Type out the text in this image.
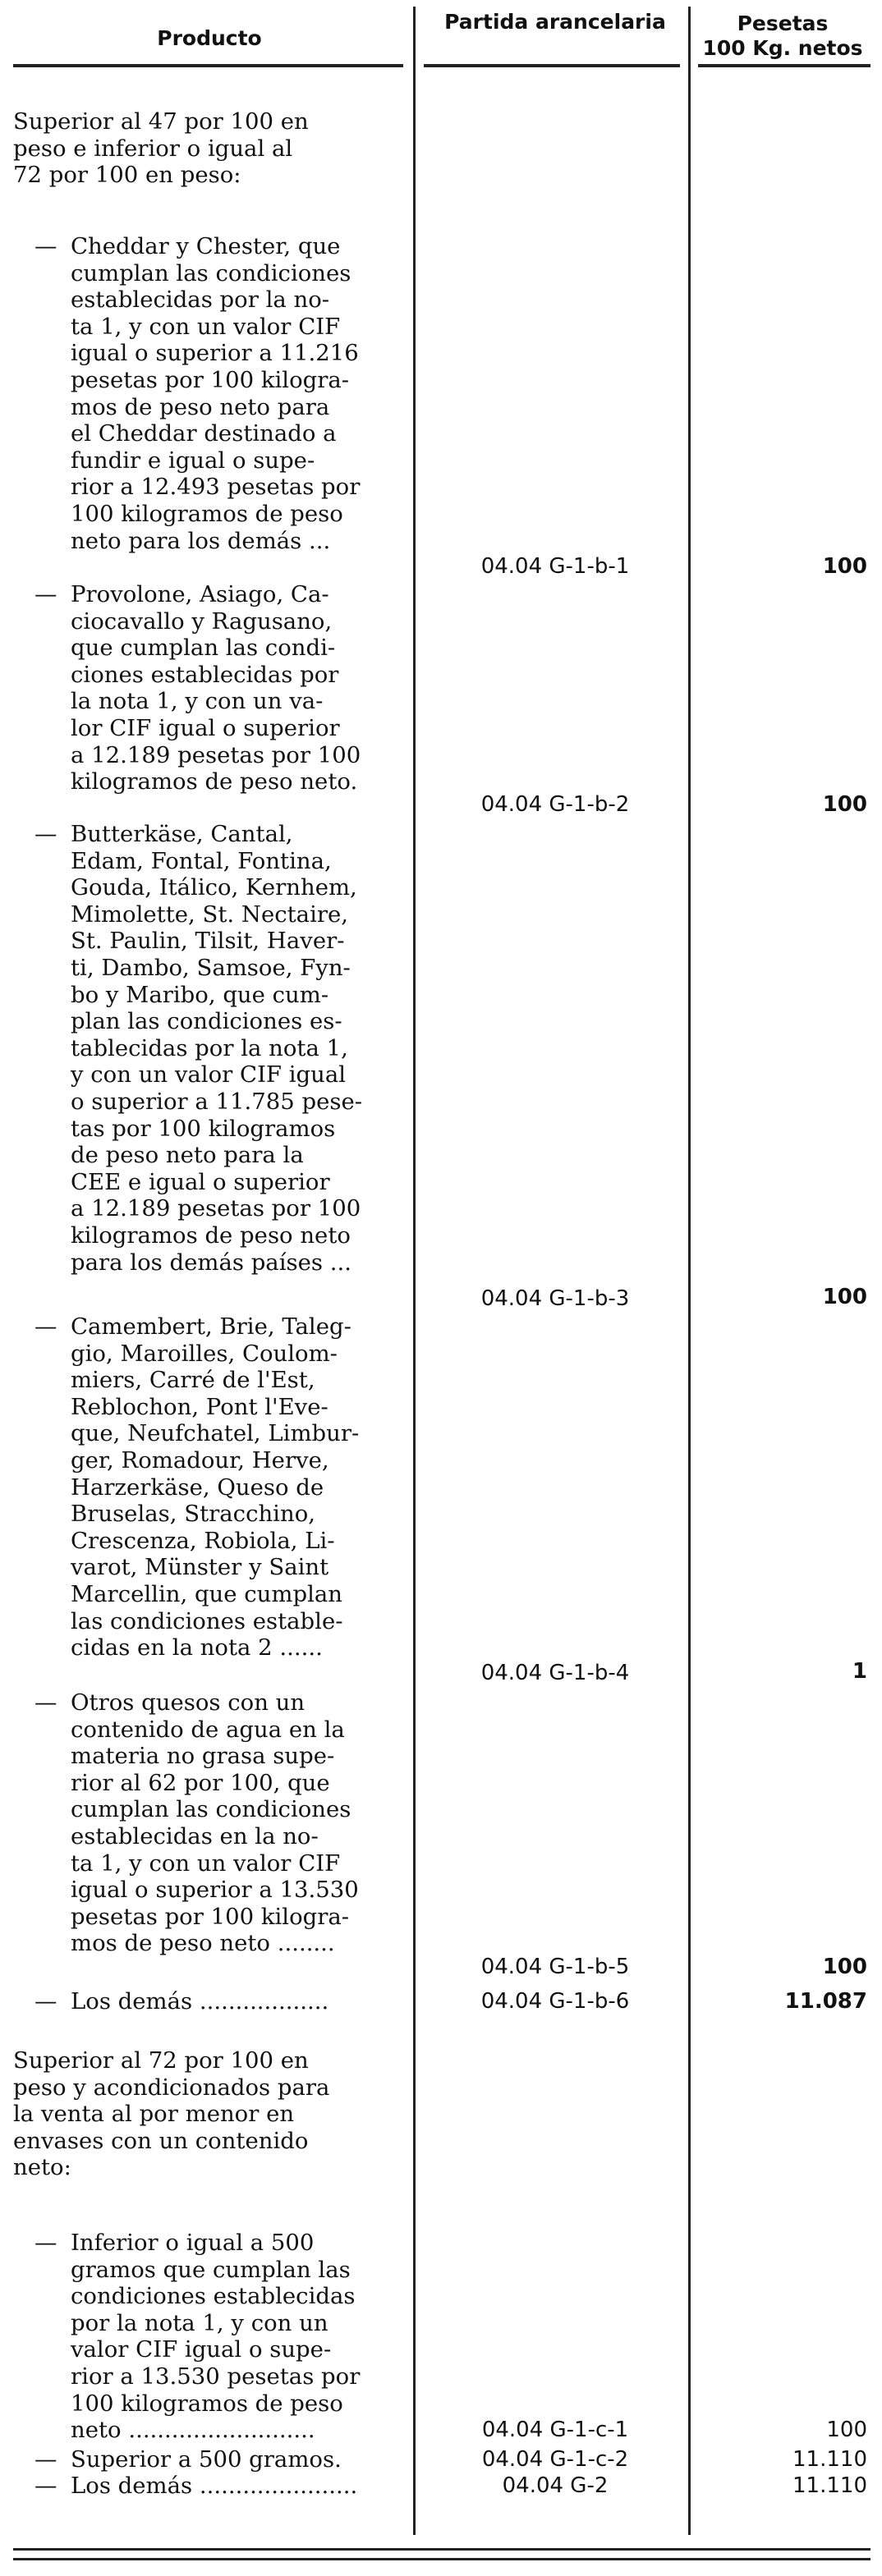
Producto
Partida arancelaria	Pesetas
100 Kg. netos
Superior al 47 por 100 en
peso e inferior o igual al
72 por 100 en peso:
— Cheddar y Chester, que
cumplan las condiciones
establecidas por la no-
ta 1, y con un valor CIF
igual o superior a 11.216
pesetas por 100 kilogra-
mos de peso neto para
el Cheddar destinado a
fundir e igual o supe-
rior a 12.493 pesetas por
100 kilogramos de peso
neto para los demás ...
04.04 G-1-b-1	100
— Provolone, Asiago, Ca-
ciocavallo y Ragusano,
que cumplan las condi-
ciones establecidas por
la nota 1, y con un va-
lor CIF igual o superior
a 12.189 pesetas por 100
kilogramos de peso neto.
04.04 G-1-b-2	100
— Butterkäse, Cantal,
Edam, Fontal, Fontina,
Gouda, Itálico, Kernhem,
Mimolette, St. Nectaire,
St. Paulin, Tilsit, Haver-
ti, Dambo, Samsoe, Fyn-
bo y Maribo, que cum-
plan las condiciones es-
tablecidas por la nota 1,
y con un valor CIF igual
o superior a 11.785 pese-
tas por 100 kilogramos
de peso neto para la
CEE e igual o superior
a 12.189 pesetas por 100
kilogramos de peso neto
para los demás países ...
04.04 G-1-b-3	100
— Camembert, Brie, Taleg-
gio, Maroilles, Coulom-
miers, Carré de l'Est,
Reblochon, Pont l'Eve-
que, Neufchatel, Limbur-
ger, Romadour, Herve,
Harzerkäse, Queso de
Bruselas, Stracchino,
Crescenza, Robiola, Li-
varot, Münster y Saint
Marcellin, que cumplan
las condiciones estable-
cidas en la nota 2 ......
04.04 G-1-b-4	1
— Otros quesos con un
contenido de agua en la
materia no grasa supe-
rior al 62 por 100, que
cumplan las condiciones
establecidas en la no-
ta 1, y con un valor CIF
igual o superior a 13.530
pesetas por 100 kilogra-
mos de peso neto ........
04.04 G-1-b-5	100
— Los demás ..................	04.04 G-1-b-6	11.087
Superior al 72 por 100 en
peso y acondicionados para
la venta al por menor en
envases con un contenido
neto:
— Inferior o igual a 500
gramos que cumplan las
condiciones establecidas
por la nota 1, y con un
valor CIF igual o supe-
rior a 13.530 pesetas por
100 kilogramos de peso
neto ..........................	04.04 G-1-c-1	100
— Superior a 500 gramos.	04.04 G-1-c-2	11.110
— Los demás ......................	04.04 G-2	11.110
